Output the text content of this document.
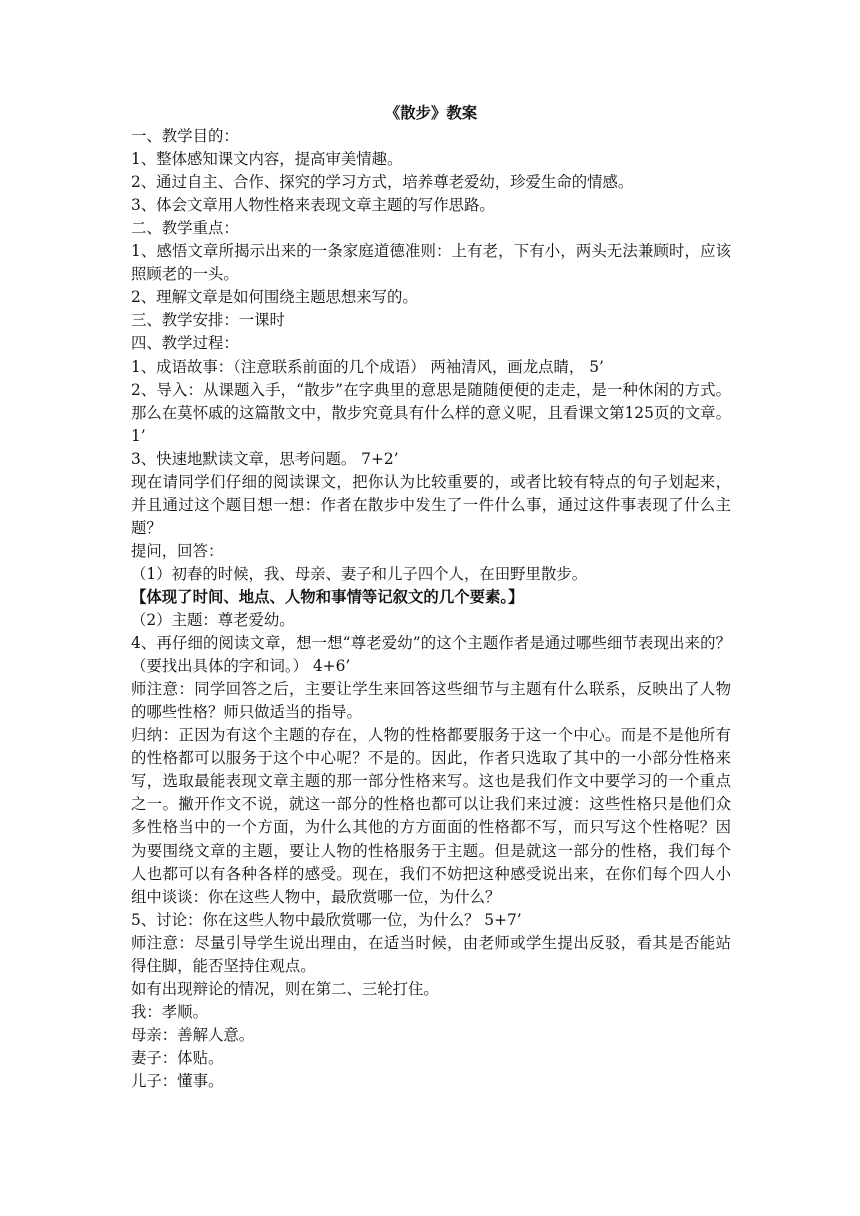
《散步》教案
一、教学目的：
1、整体感知课文内容，提高审美情趣。
2、通过自主、合作、探究的学习方式，培养尊老爱幼，珍爱生命的情感。
3、体会文章用人物性格来表现文章主题的写作思路。
二、教学重点：
1、感悟文章所揭示出来的一条家庭道德准则：上有老，下有小，两头无法兼顾时，应该照顾老的一头。
2、理解文章是如何围绕主题思想来写的。
三、教学安排：一课时
四、教学过程：
1、成语故事：（注意联系前面的几个成语） 两袖清风，画龙点睛， 5’
2、导入：从课题入手，“散步”在字典里的意思是随随便便的走走，是一种休闲的方式。那么在莫怀戚的这篇散文中，散步究竟具有什么样的意义呢，且看课文第125页的文章。 1’
3、快速地默读文章，思考问题。 7+2’
现在请同学们仔细的阅读课文，把你认为比较重要的，或者比较有特点的句子划起来，并且通过这个题目想一想：作者在散步中发生了一件什么事，通过这件事表现了什么主题？
提问，回答：
（1）初春的时候，我、母亲、妻子和儿子四个人，在田野里散步。
【体现了时间、地点、人物和事情等记叙文的几个要素。】
（2）主题：尊老爱幼。
4、再仔细的阅读文章，想一想“尊老爱幼”的这个主题作者是通过哪些细节表现出来的？（要找出具体的字和词。） 4+6’
师注意：同学回答之后，主要让学生来回答这些细节与主题有什么联系，反映出了人物的哪些性格？师只做适当的指导。
归纳：正因为有这个主题的存在，人物的性格都要服务于这一个中心。而是不是他所有的性格都可以服务于这个中心呢？不是的。因此，作者只选取了其中的一小部分性格来写，选取最能表现文章主题的那一部分性格来写。这也是我们作文中要学习的一个重点之一。撇开作文不说，就这一部分的性格也都可以让我们来过渡：这些性格只是他们众多性格当中的一个方面，为什么其他的方方面面的性格都不写，而只写这个性格呢？因为要围绕文章的主题，要让人物的性格服务于主题。但是就这一部分的性格，我们每个人也都可以有各种各样的感受。现在，我们不妨把这种感受说出来，在你们每个四人小组中谈谈：你在这些人物中，最欣赏哪一位，为什么？
5、讨论：你在这些人物中最欣赏哪一位，为什么？ 5+7’
师注意：尽量引导学生说出理由，在适当时候，由老师或学生提出反驳，看其是否能站得住脚，能否坚持住观点。
如有出现辩论的情况，则在第二、三轮打住。
我：孝顺。
母亲：善解人意。
妻子：体贴。
儿子：懂事。
